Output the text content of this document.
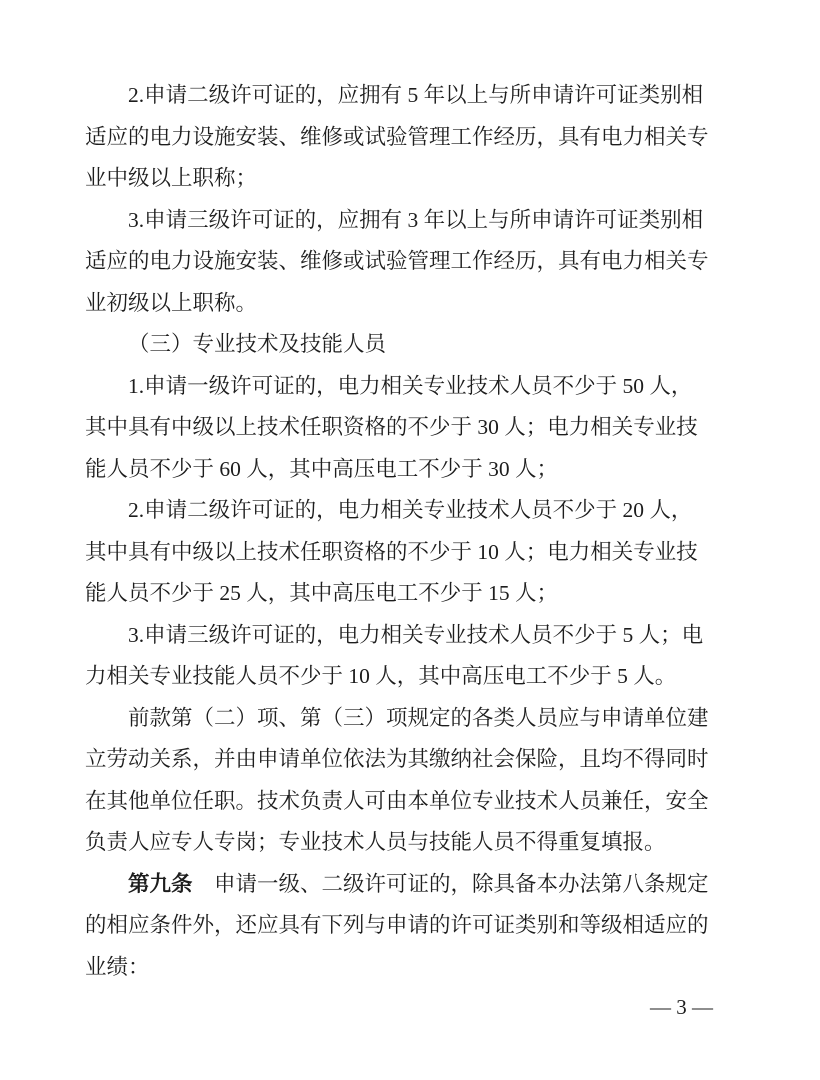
2.申请二级许可证的，应拥有 5 年以上与所申请许可证类别相
适应的电力设施安装、维修或试验管理工作经历，具有电力相关专
业中级以上职称；
3.申请三级许可证的，应拥有 3 年以上与所申请许可证类别相
适应的电力设施安装、维修或试验管理工作经历，具有电力相关专
业初级以上职称。
（三）专业技术及技能人员
1.申请一级许可证的，电力相关专业技术人员不少于 50 人，
其中具有中级以上技术任职资格的不少于 30 人；电力相关专业技
能人员不少于 60 人，其中高压电工不少于 30 人；
2.申请二级许可证的，电力相关专业技术人员不少于 20 人，
其中具有中级以上技术任职资格的不少于 10 人；电力相关专业技
能人员不少于 25 人，其中高压电工不少于 15 人；
3.申请三级许可证的，电力相关专业技术人员不少于 5 人；电
力相关专业技能人员不少于 10 人，其中高压电工不少于 5 人。
前款第（二）项、第（三）项规定的各类人员应与申请单位建
立劳动关系，并由申请单位依法为其缴纳社会保险，且均不得同时
在其他单位任职。技术负责人可由本单位专业技术人员兼任，安全
负责人应专人专岗；专业技术人员与技能人员不得重复填报。
第九条　申请一级、二级许可证的，除具备本办法第八条规定
的相应条件外，还应具有下列与申请的许可证类别和等级相适应的
业绩：
— 3 —
